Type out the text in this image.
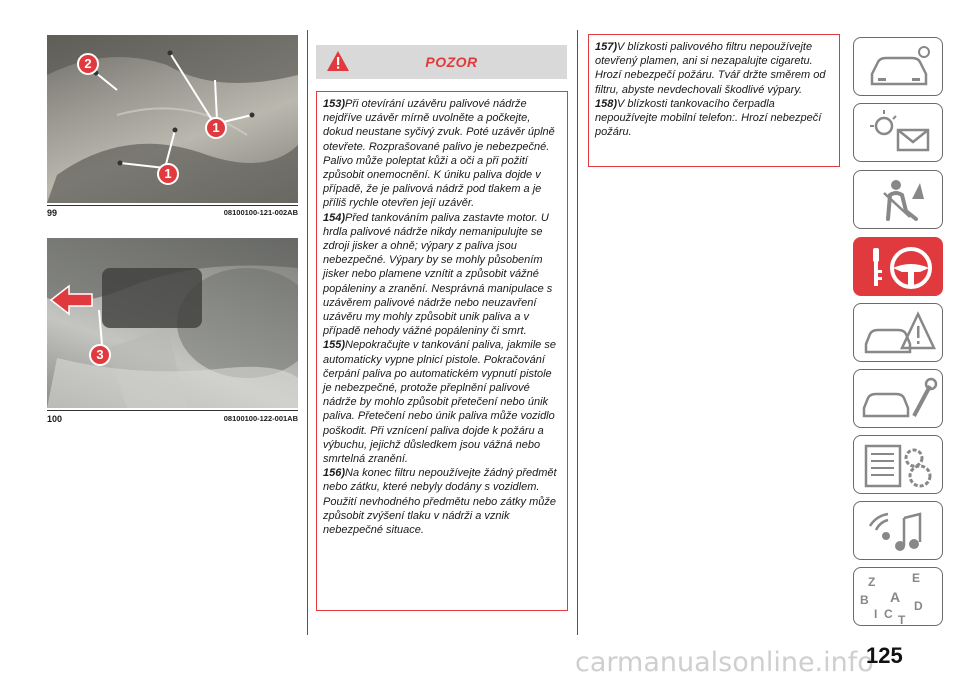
2
1
1
99	08100100-121-002AB
3
100	08100100-122-001AB
POZOR
153)Při otevírání uzávěru palivové nádrže nejdříve uzávěr mírně uvolněte a počkejte, dokud neustane syčivý zvuk. Poté uzávěr úplně otevřete. Rozprašované palivo je nebezpečné. Palivo může poleptat kůži a oči a při požití způsobit onemocnění. K úniku paliva dojde v případě, že je palivová nádrž pod tlakem a je příliš rychle otevřen její uzávěr.
154)Před tankováním paliva zastavte motor. U hrdla palivové nádrže nikdy nemanipulujte se zdroji jisker a ohně; výpary z paliva jsou nebezpečné. Výpary by se mohly působením jisker nebo plamene vznítit a způsobit vážné popáleniny a zranění. Nesprávná manipulace s uzávěrem palivové nádrže nebo neuzavření uzávěru my mohly způsobit unik paliva a v případě nehody vážné popáleniny či smrt.
155)Nepokračujte v tankování paliva, jakmile se automaticky vypne plnicí pistole. Pokračování čerpání paliva po automatickém vypnutí pistole je nebezpečné, protože přeplnění palivové nádrže by mohlo způsobit přetečení nebo únik paliva. Přetečení nebo únik paliva může vozidlo poškodit. Při vznícení paliva dojde k požáru a výbuchu, jejichž důsledkem jsou vážná nebo smrtelná zranění.
156)Na konec filtru nepoužívejte žádný předmět nebo zátku, které nebyly dodány s vozidlem. Použití nevhodného předmětu nebo zátky může způsobit zvýšení tlaku v nádrži a vznik nebezpečné situace.
157)V blízkosti palivového filtru nepoužívejte otevřený plamen, ani si nezapalujte cigaretu. Hrozí nebezpečí požáru. Tvář držte směrem od filtru, abyste nevdechovali škodlivé výpary.
158)V blízkosti tankovacího čerpadla nepoužívejte mobilní telefon:. Hrozí nebezpečí požáru.
Z	E
B A
D
I C T
carmanualsonline.info
125
